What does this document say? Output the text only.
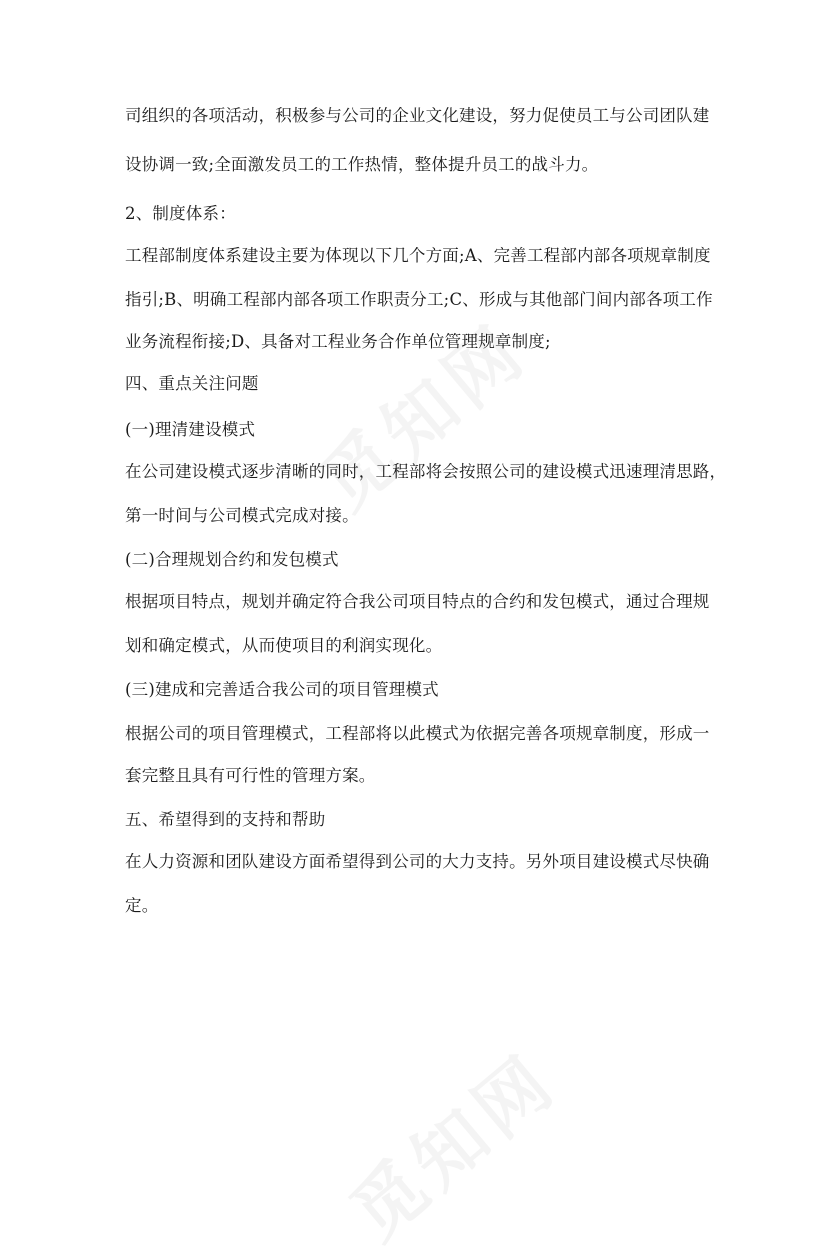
司组织的各项活动，积极参与公司的企业文化建设，努力促使员工与公司团队建
设协调一致;全面激发员工的工作热情，整体提升员工的战斗力。
2、制度体系：
工程部制度体系建设主要为体现以下几个方面;A、完善工程部内部各项规章制度
指引;B、明确工程部内部各项工作职责分工;C、形成与其他部门间内部各项工作
业务流程衔接;D、具备对工程业务合作单位管理规章制度;
四、重点关注问题
(一)理清建设模式
在公司建设模式逐步清晰的同时，工程部将会按照公司的建设模式迅速理清思路，
第一时间与公司模式完成对接。
(二)合理规划合约和发包模式
根据项目特点，规划并确定符合我公司项目特点的合约和发包模式，通过合理规
划和确定模式，从而使项目的利润实现化。
(三)建成和完善适合我公司的项目管理模式
根据公司的项目管理模式，工程部将以此模式为依据完善各项规章制度，形成一
套完整且具有可行性的管理方案。
五、希望得到的支持和帮助
在人力资源和团队建设方面希望得到公司的大力支持。另外项目建设模式尽快确
定。
